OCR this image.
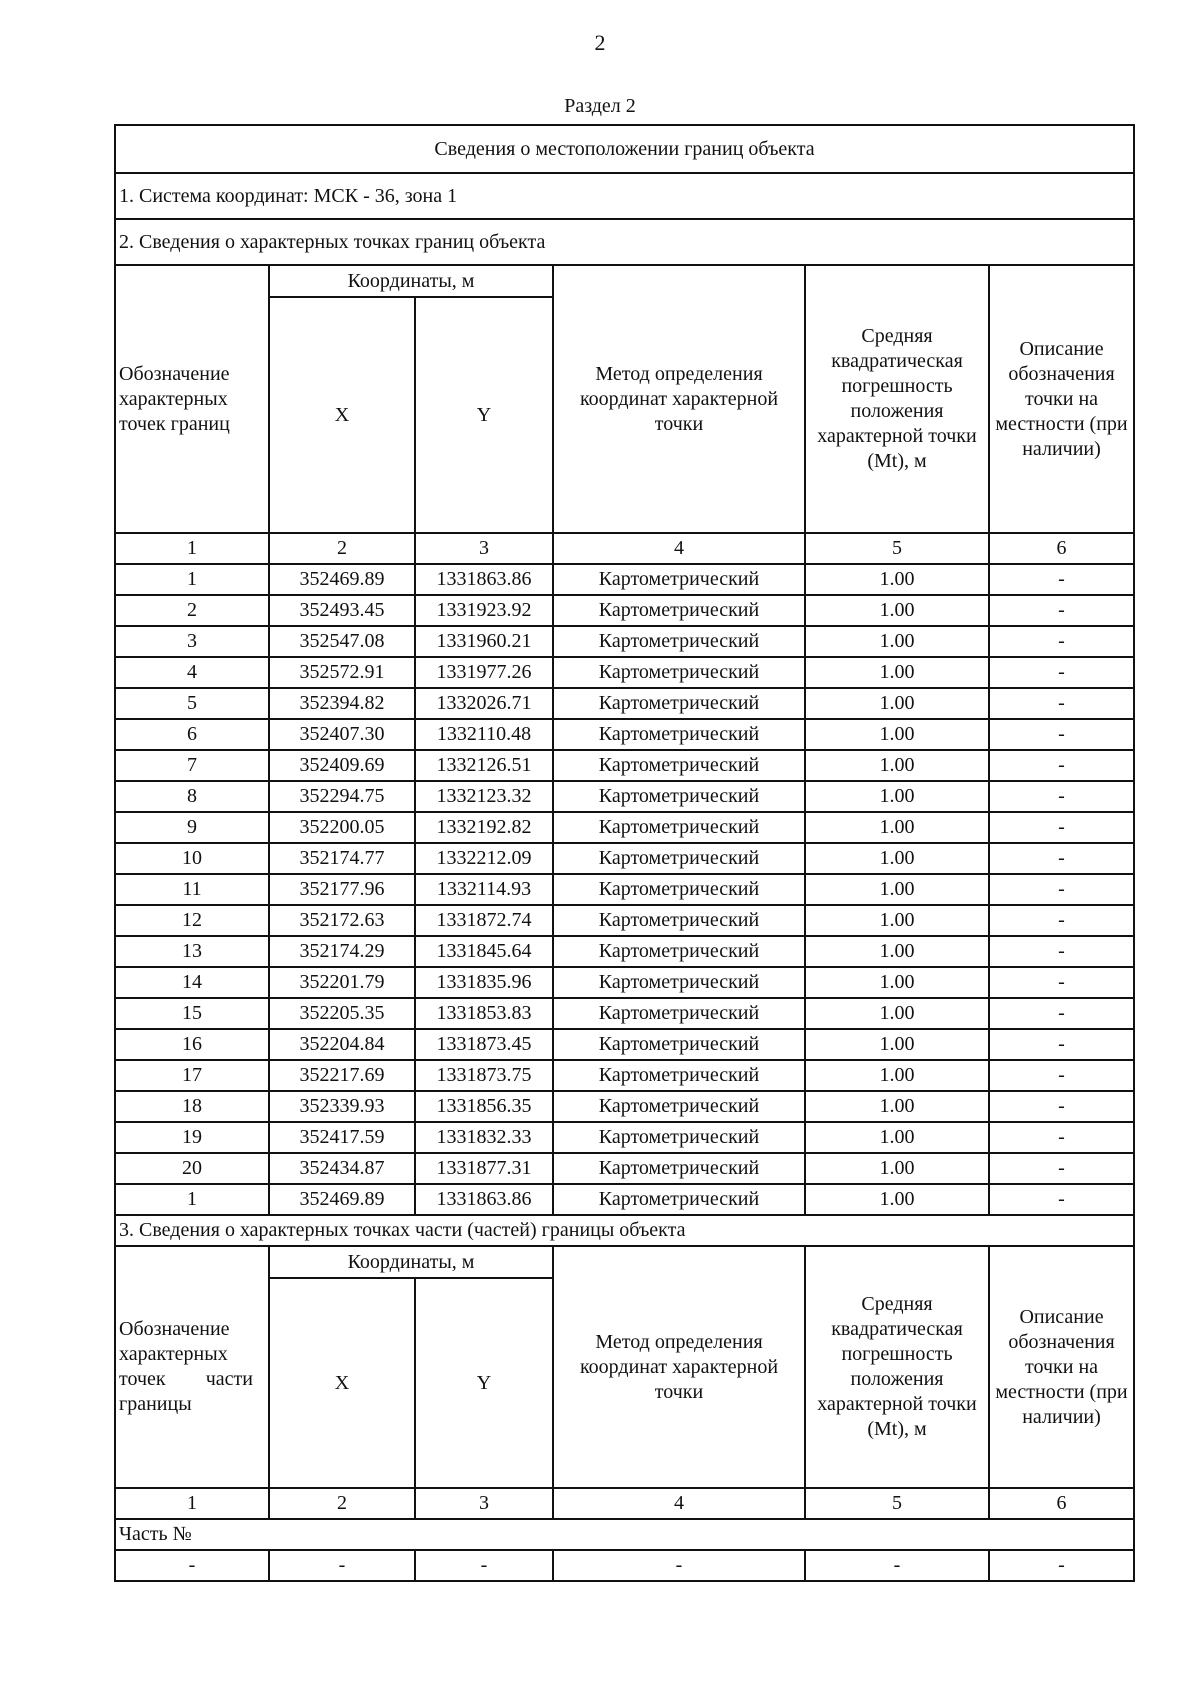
2
Раздел 2
Сведения о местоположении границ объекта					
1. Система координат: МСК - 36, зона 1					
2. Сведения о характерных точках границ объекта					
Обозначение характерных точек границ	Координаты, м		Метод определения координат характерной точки	Средняя квадратическая погрешность положения характерной точки (Mt), м	Описание обозначения точки на местности (при наличии)
	X	Y			
1	2	3	4	5	6
1	352469.89	1331863.86	Картометрический	1.00	-
2	352493.45	1331923.92	Картометрический	1.00	-
3	352547.08	1331960.21	Картометрический	1.00	-
4	352572.91	1331977.26	Картометрический	1.00	-
5	352394.82	1332026.71	Картометрический	1.00	-
6	352407.30	1332110.48	Картометрический	1.00	-
7	352409.69	1332126.51	Картометрический	1.00	-
8	352294.75	1332123.32	Картометрический	1.00	-
9	352200.05	1332192.82	Картометрический	1.00	-
10	352174.77	1332212.09	Картометрический	1.00	-
11	352177.96	1332114.93	Картометрический	1.00	-
12	352172.63	1331872.74	Картометрический	1.00	-
13	352174.29	1331845.64	Картометрический	1.00	-
14	352201.79	1331835.96	Картометрический	1.00	-
15	352205.35	1331853.83	Картометрический	1.00	-
16	352204.84	1331873.45	Картометрический	1.00	-
17	352217.69	1331873.75	Картометрический	1.00	-
18	352339.93	1331856.35	Картометрический	1.00	-
19	352417.59	1331832.33	Картометрический	1.00	-
20	352434.87	1331877.31	Картометрический	1.00	-
1	352469.89	1331863.86	Картометрический	1.00	-
3. Сведения о характерных точках части (частей) границы объекта					

Обозначение характерных точек части границы	Координаты, м		Метод определения координат характерной точки	Средняя квадратическая погрешность положения характерной точки (Mt), м	Описание обозначения точки на местности (при наличии)
	X	Y			
1	2	3	4	5	6
Часть №					
-	-	-	-	-	-
